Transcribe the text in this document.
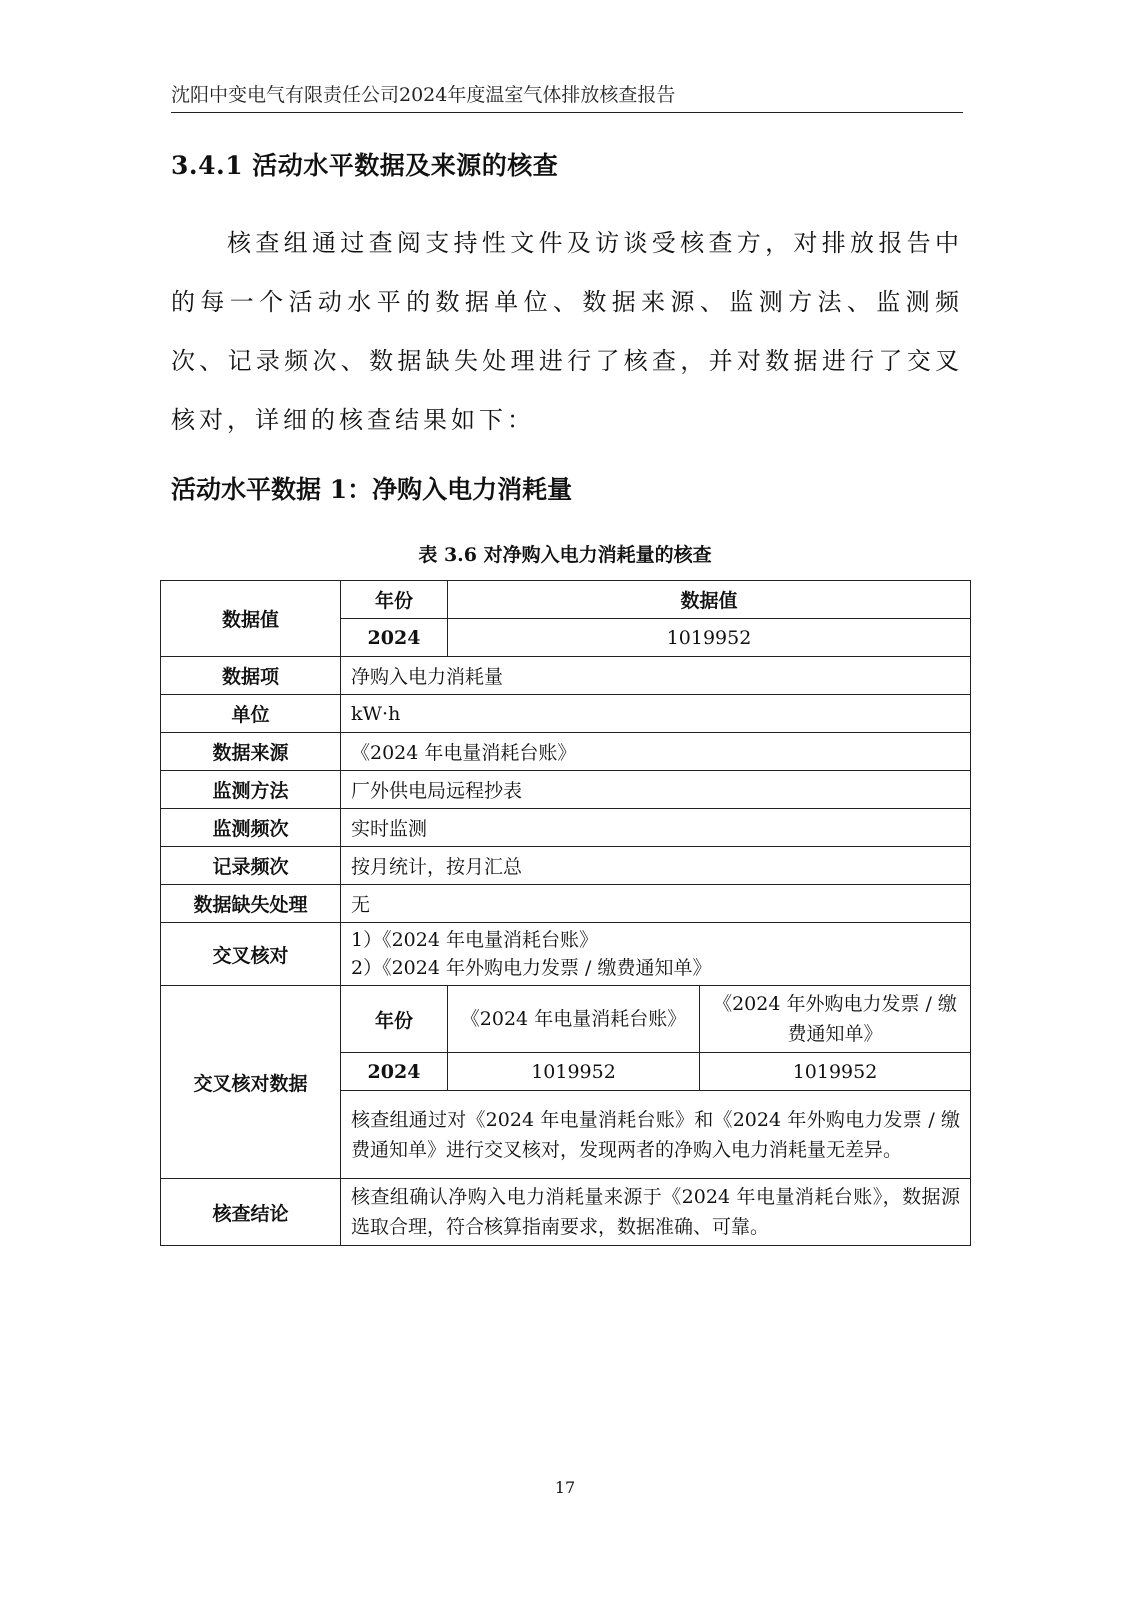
沈阳中变电气有限责任公司2024年度温室气体排放核查报告
3.4.1 活动水平数据及来源的核查
核查组通过查阅支持性文件及访谈受核查方，对排放报告中的每一个活动水平的数据单位、数据来源、监测方法、监测频次、记录频次、数据缺失处理进行了核查，并对数据进行了交叉核对，详细的核查结果如下：
活动水平数据 1：净购入电力消耗量
表 3.6 对净购入电力消耗量的核查
数据值	年份	数据值	
	2024	1019952	
数据项	净购入电力消耗量		
单位	kW·h		
数据来源	《2024 年电量消耗台账》		
监测方法	厂外供电局远程抄表		
监测频次	实时监测		
记录频次	按月统计，按月汇总		
数据缺失处理	无		
交叉核对	1）《2024 年电量消耗台账》
2）《2024 年外购电力发票 / 缴费通知单》		

交叉核对数据	年份	《2024 年电量消耗台账》	《2024 年外购电力发票 / 缴费通知单》
	2024	1019952	1019952
	核查组通过对《2024 年电量消耗台账》和《2024 年外购电力发票 / 缴费通知单》进行交叉核对，发现两者的净购入电力消耗量无差异。		
核查结论	核查组确认净购入电力消耗量来源于《2024 年电量消耗台账》，数据源选取合理，符合核算指南要求，数据准确、可靠。		
17
